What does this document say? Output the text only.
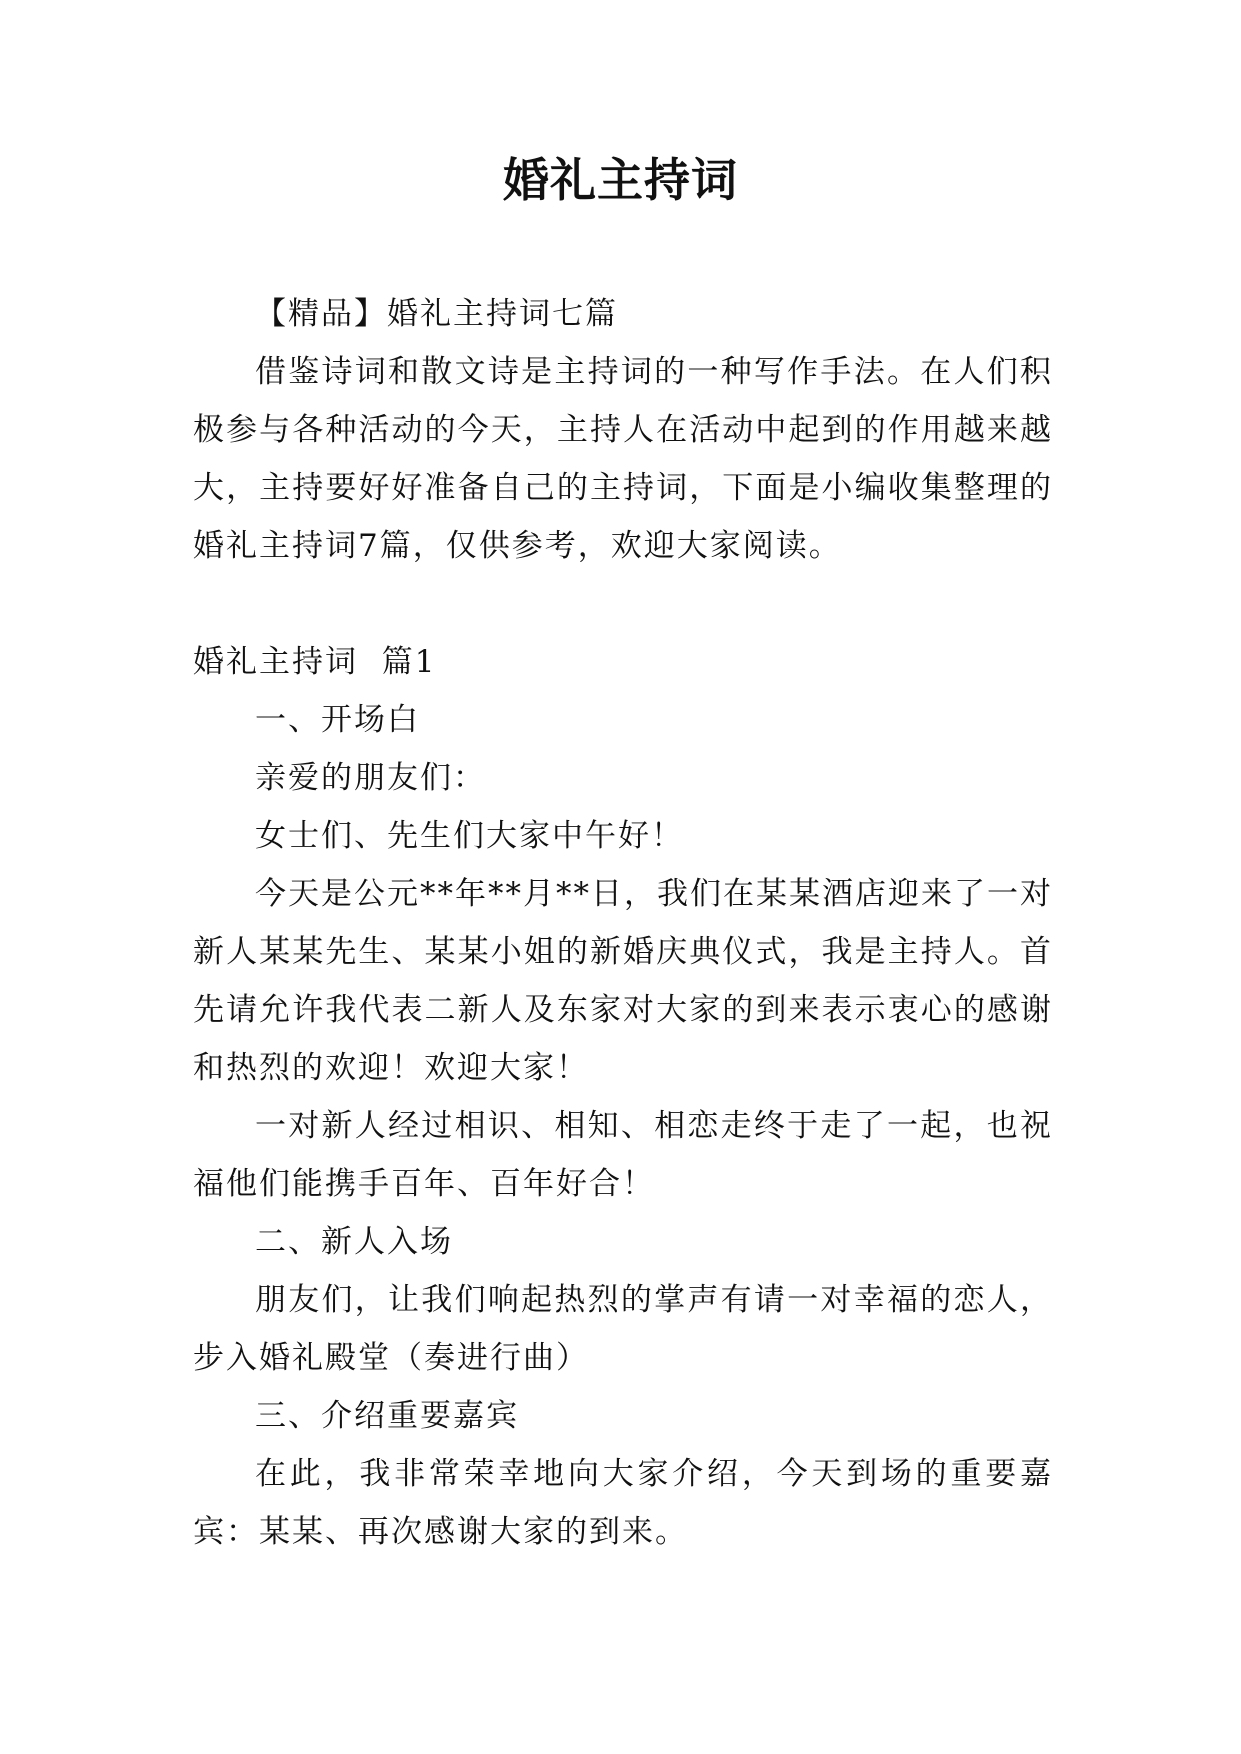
婚礼主持词

【精品】婚礼主持词七篇

借鉴诗词和散文诗是主持词的一种写作手法。在人们积极参与各种活动的今天，主持人在活动中起到的作用越来越大，主持要好好准备自己的主持词，下面是小编收集整理的婚礼主持词7篇，仅供参考，欢迎大家阅读。

婚礼主持词  篇1

一、开场白

亲爱的朋友们：

女士们、先生们大家中午好！

今天是公元**年**月**日，我们在某某酒店迎来了一对新人某某先生、某某小姐的新婚庆典仪式，我是主持人。首先请允许我代表二新人及东家对大家的到来表示衷心的感谢和热烈的欢迎！欢迎大家！

一对新人经过相识、相知、相恋走终于走了一起，也祝福他们能携手百年、百年好合！

二、新人入场

朋友们，让我们响起热烈的掌声有请一对幸福的恋人，步入婚礼殿堂（奏进行曲）

三、介绍重要嘉宾

在此，我非常荣幸地向大家介绍，今天到场的重要嘉宾：某某、再次感谢大家的到来。
